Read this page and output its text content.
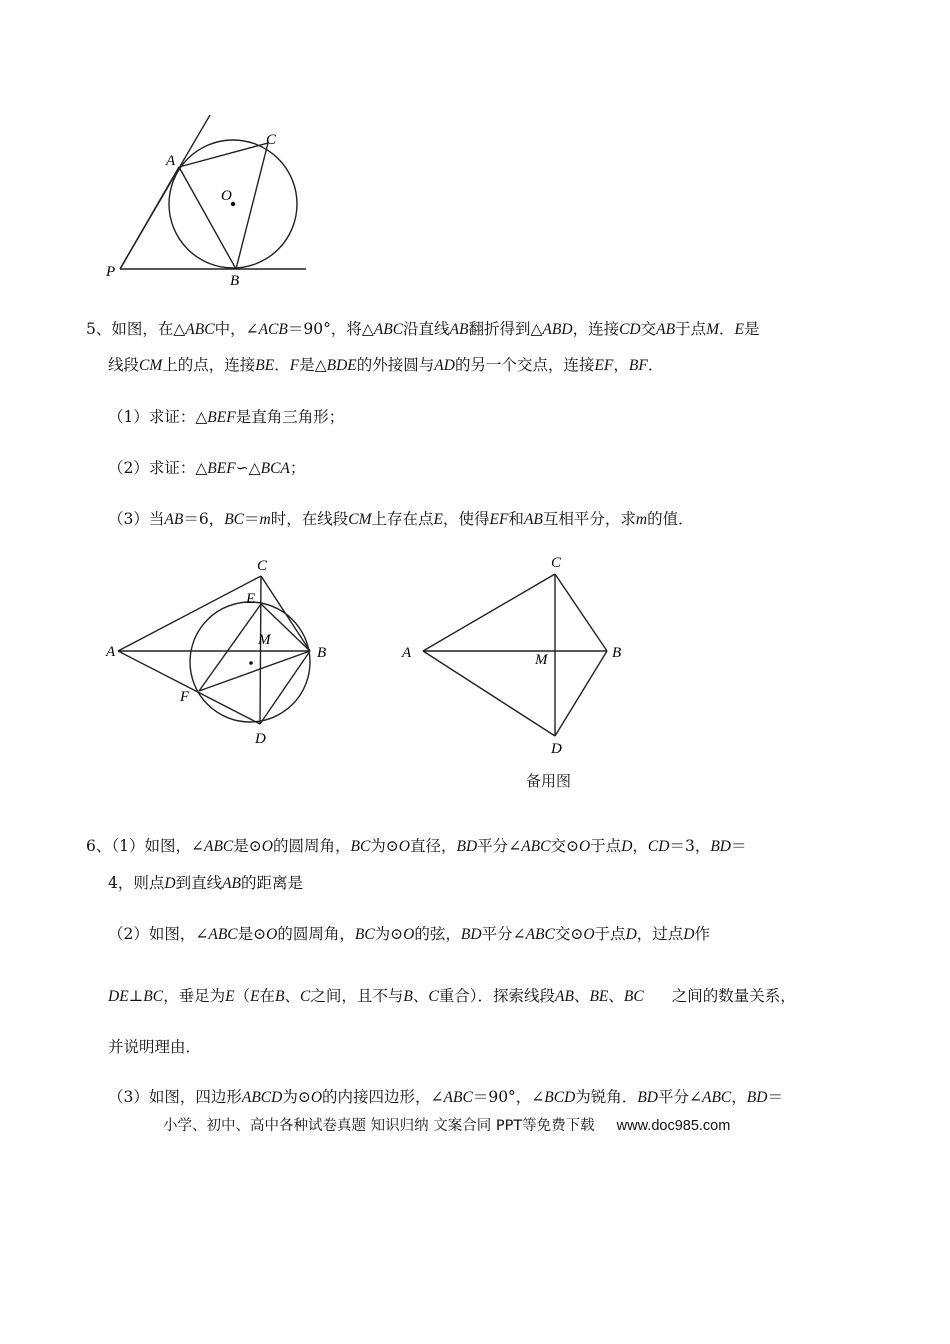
A
C
O
P
B
5、如图，在△ABC中，∠ACB＝90°，将△ABC沿直线AB翻折得到△ABD，连接CD交AB于点M．E是
线段CM上的点，连接BE．F是△BDE的外接圆与AD的另一个交点，连接EF，BF．
（1）求证：△BEF是直角三角形；
（2）求证：△BEF∽△BCA；
（3）当AB＝6，BC＝m时，在线段CM上存在点E，使得EF和AB互相平分，求m的值．
C
E
M
A	B
F
D
C
A	M	B
D
备用图
6、（1）如图，∠ABC是⊙O的圆周角，BC为⊙O直径，BD平分∠ABC交⊙O于点D，CD＝3，BD＝
4，则点D到直线AB的距离是
（2）如图，∠ABC是⊙O的圆周角，BC为⊙O的弦，BD平分∠ABC交⊙O于点D，过点D作
DE⊥BC，垂足为E（E在B、C之间，且不与B、C重合）．探索线段AB、BE、BC 之间的数量关系，
并说明理由．
（3）如图，四边形ABCD为⊙O的内接四边形，∠ABC＝90°，∠BCD为锐角．BD平分∠ABC，BD＝
小学、初中、高中各种试卷真题 知识归纳 文案合同 PPT等免费下载 www.doc985.com
